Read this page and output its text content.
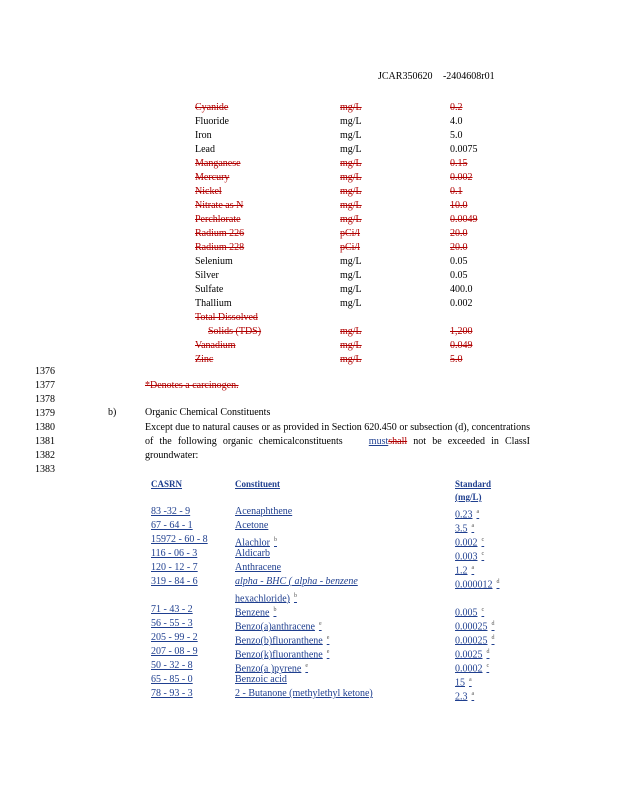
JCAR350620 -2404608r01
Cyanide	mg/L	0.2
Fluoride	mg/L	4.0
Iron	mg/L	5.0
Lead	mg/L	0.0075
Manganese	mg/L	0.15
Mercury	mg/L	0.002
Nickel	mg/L	0.1
Nitrate as N	mg/L	10.0
Perchlorate	mg/L	0.0049
Radium 226	pCi/l	20.0
Radium 228	pCi/l	20.0
Selenium	mg/L	0.05
Silver	mg/L	0.05
Sulfate	mg/L	400.0
Thallium	mg/L	0.002
Total Dissolved
Solids (TDS)	mg/L	1,200
Vanadium	mg/L	0.049
Zinc	mg/L	5.0
1376
1377
1378
1379
1380
1381
1382
1383
*Denotes a carcinogen.
b)	Organic Chemical Constituents
Except due to natural causes or as provided in Section 620.450 or subsection (d), concentrations of the following organic chemicalconstituents	mustshall not be exceeded in ClassI groundwater:
CASRN	Constituent	Standard
(mg/L)
83 -32 - 9	Acenaphthene	0.23 $^a$
67 - 64 - 1	Acetone	3.5 $^a$
15972 - 60 - 8	Alachlor $^b$	0.002 $^c$
116 - 06 - 3	Aldicarb	0.003 $^c$
120 - 12 - 7	Anthracene	1.2 $^a$
319 - 84 - 6	alpha - BHC ( alpha - benzene	0.000012 $^d$
hexachloride) $^b$
71 - 43 - 2	Benzene $^b$	0.005 $^c$
56 - 55 - 3	Benzo(a)anthracene $^e$	0.00025 $^d$
205 - 99 - 2	Benzo(b)fluoranthene $^e$	0.00025 $^d$
207 - 08 - 9	Benzo(k)fluoranthene $^e$	0.0025 $^d$
50 - 32 - 8	Benzo(a )pyrene $^e$	0.0002 $^c$
65 - 85 - 0	Benzoic acid	15 $^a$
78 - 93 - 3	2 - Butanone (methylethyl ketone)	2.3 $^a$
